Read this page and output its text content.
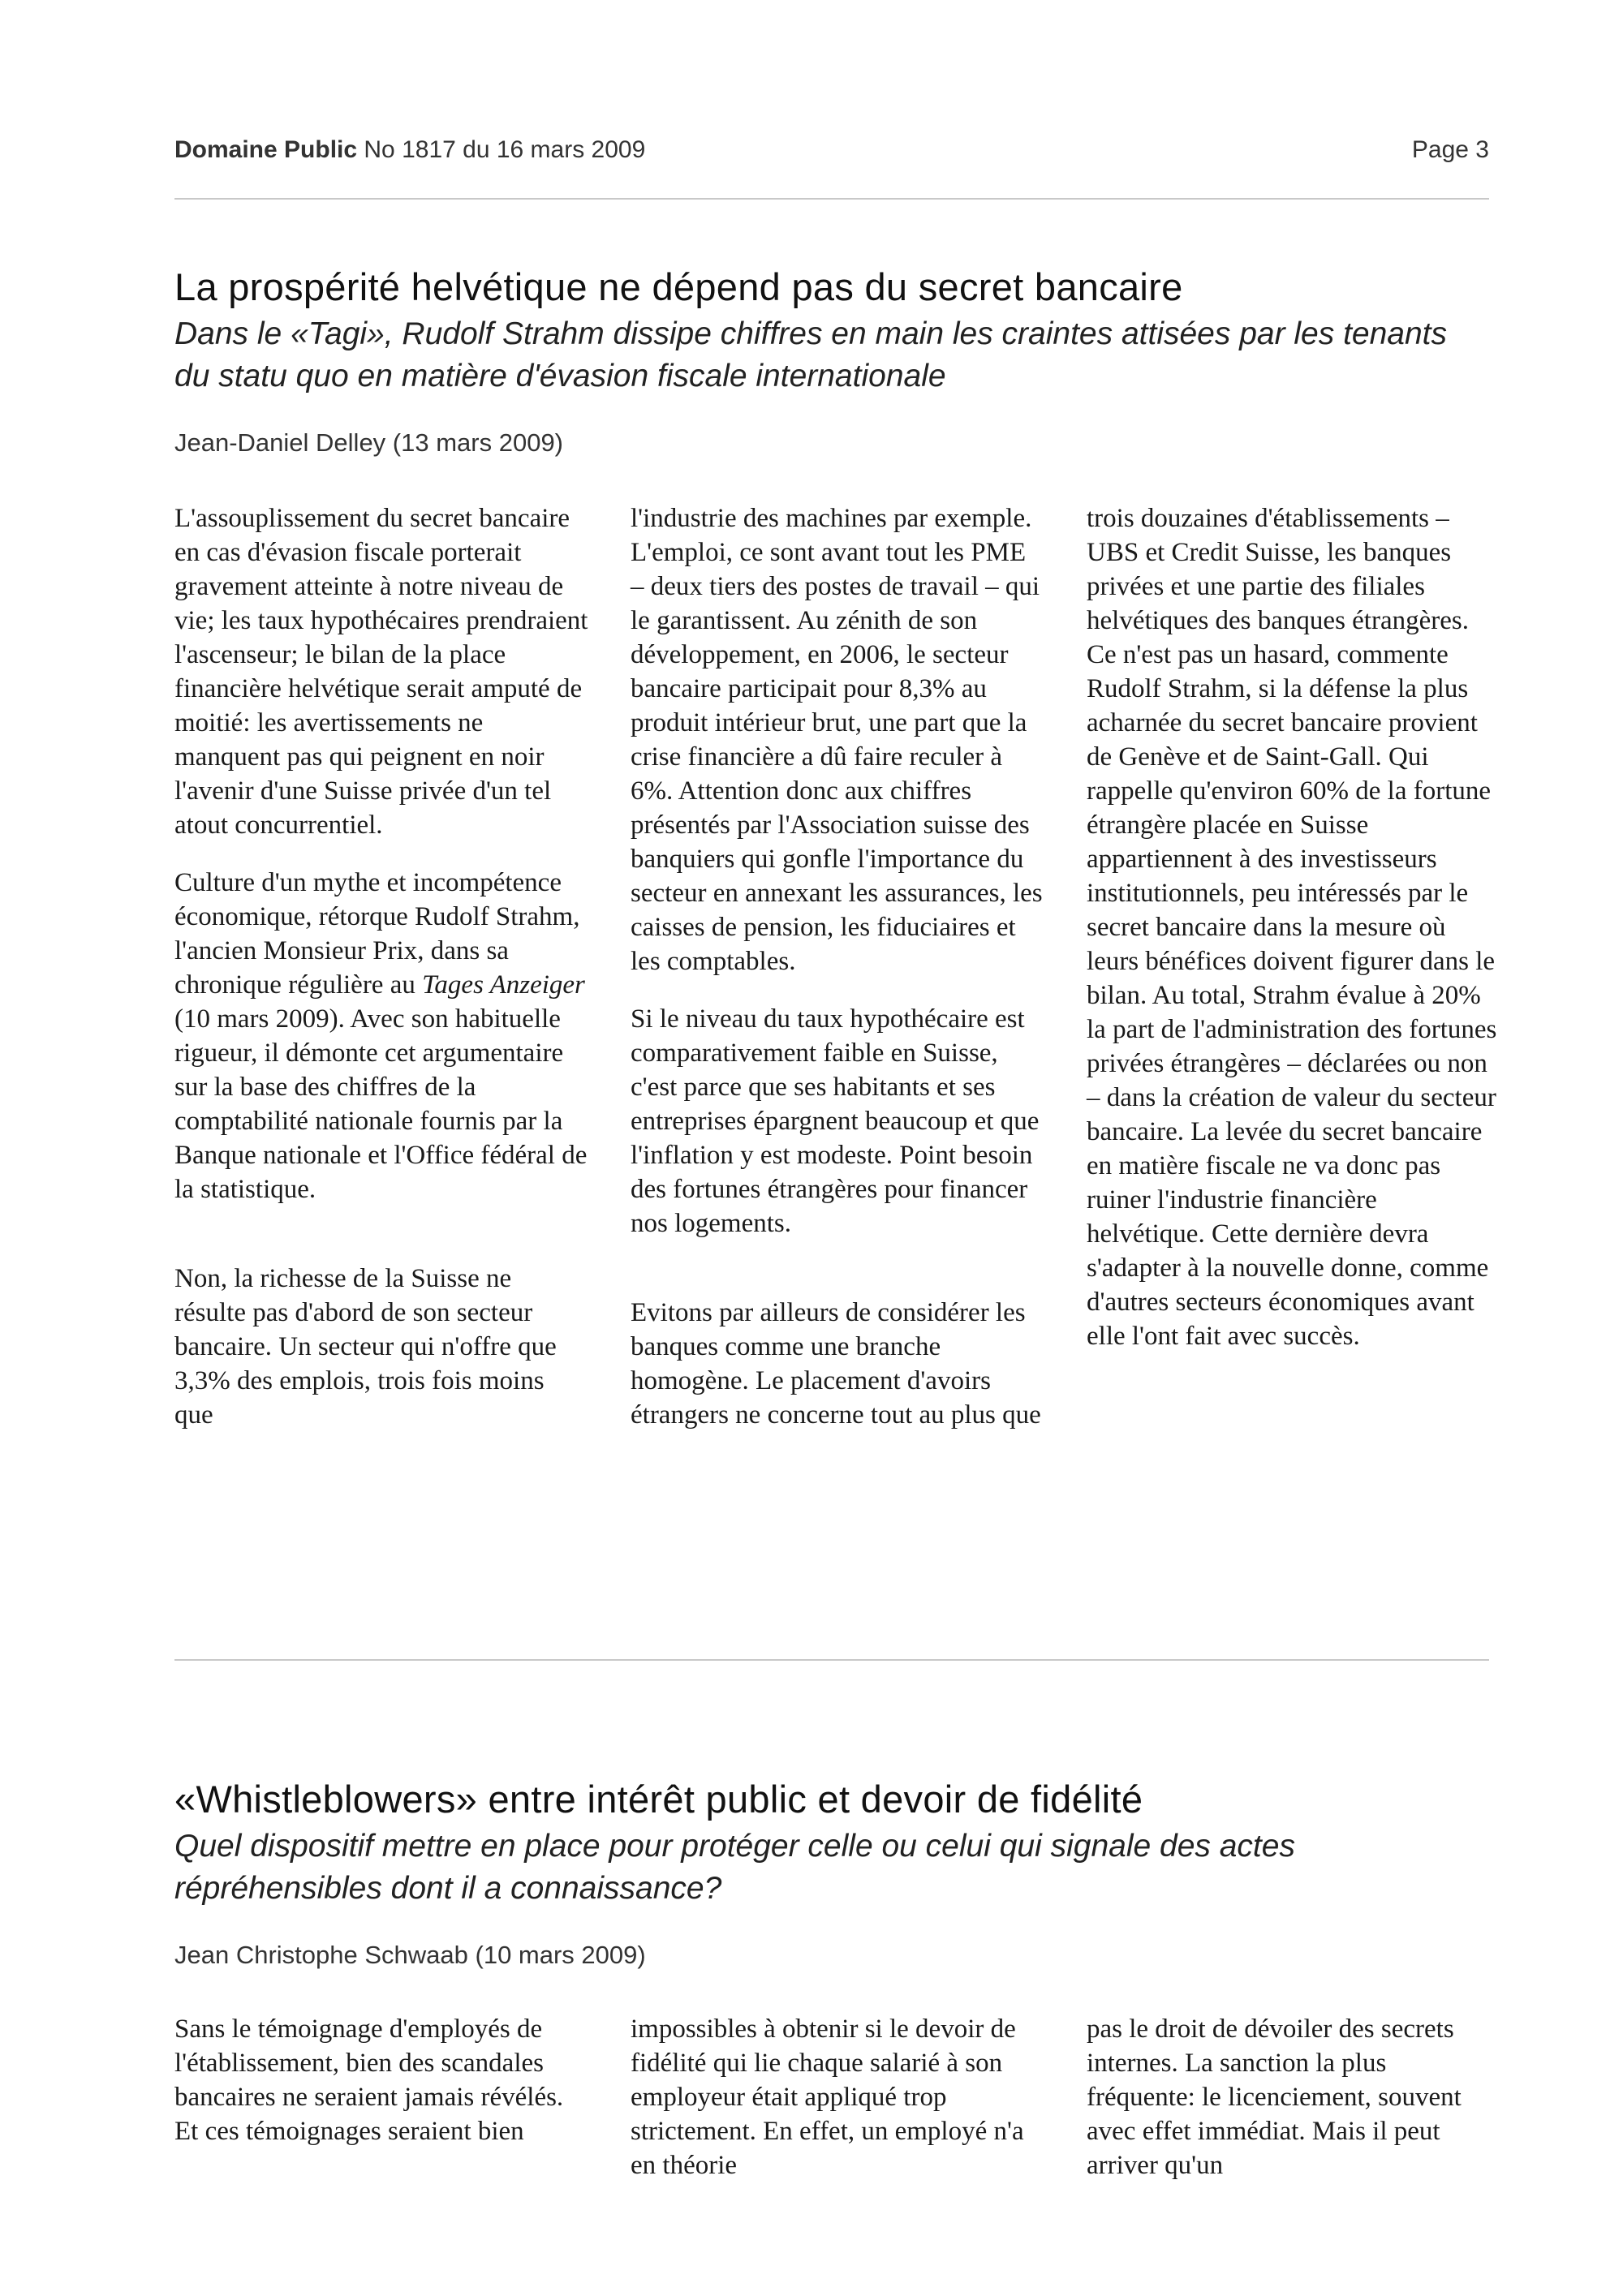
Domaine Public No 1817 du 16 mars 2009	Page 3
La prospérité helvétique ne dépend pas du secret bancaire
Dans le «Tagi», Rudolf Strahm dissipe chiffres en main les craintes attisées par les tenants du statu quo en matière d'évasion fiscale internationale
Jean-Daniel Delley (13 mars 2009)

L'assouplissement du secret bancaire en cas d'évasion fiscale porterait gravement atteinte à notre niveau de vie; les taux hypothécaires prendraient l'ascenseur; le bilan de la place financière helvétique serait amputé de moitié: les avertissements ne manquent pas qui peignent en noir l'avenir d'une Suisse privée d'un tel atout concurrentiel.

Culture d'un mythe et incompétence économique, rétorque Rudolf Strahm, l'ancien Monsieur Prix, dans sa chronique régulière au Tages Anzeiger (10 mars 2009). Avec son habituelle rigueur, il démonte cet argumentaire sur la base des chiffres de la comptabilité nationale fournis par la Banque nationale et l'Office fédéral de la statistique.

Non, la richesse de la Suisse ne résulte pas d'abord de son secteur bancaire. Un secteur qui n'offre que 3,3% des emplois, trois fois moins que

l'industrie des machines par exemple. L'emploi, ce sont avant tout les PME – deux tiers des postes de travail – qui le garantissent. Au zénith de son développement, en 2006, le secteur bancaire participait pour 8,3% au produit intérieur brut, une part que la crise financière a dû faire reculer à 6%. Attention donc aux chiffres présentés par l'Association suisse des banquiers qui gonfle l'importance du secteur en annexant les assurances, les caisses de pension, les fiduciaires et les comptables.

Si le niveau du taux hypothécaire est comparativement faible en Suisse, c'est parce que ses habitants et ses entreprises épargnent beaucoup et que l'inflation y est modeste. Point besoin des fortunes étrangères pour financer nos logements.

Evitons par ailleurs de considérer les banques comme une branche homogène. Le placement d'avoirs étrangers ne concerne tout au plus que

trois douzaines d'établissements – UBS et Credit Suisse, les banques privées et une partie des filiales helvétiques des banques étrangères. Ce n'est pas un hasard, commente Rudolf Strahm, si la défense la plus acharnée du secret bancaire provient de Genève et de Saint-Gall. Qui rappelle qu'environ 60% de la fortune étrangère placée en Suisse appartiennent à des investisseurs institutionnels, peu intéressés par le secret bancaire dans la mesure où leurs bénéfices doivent figurer dans le bilan. Au total, Strahm évalue à 20% la part de l'administration des fortunes privées étrangères – déclarées ou non – dans la création de valeur du secteur bancaire. La levée du secret bancaire en matière fiscale ne va donc pas ruiner l'industrie financière helvétique. Cette dernière devra s'adapter à la nouvelle donne, comme d'autres secteurs économiques avant elle l'ont fait avec succès.

«Whistleblowers» entre intérêt public et devoir de fidélité
Quel dispositif mettre en place pour protéger celle ou celui qui signale des actes répréhensibles dont il a connaissance?
Jean Christophe Schwaab (10 mars 2009)

Sans le témoignage d'employés de l'établissement, bien des scandales bancaires ne seraient jamais révélés. Et ces témoignages seraient bien

impossibles à obtenir si le devoir de fidélité qui lie chaque salarié à son employeur était appliqué trop strictement. En effet, un employé n'a en théorie

pas le droit de dévoiler des secrets internes. La sanction la plus fréquente: le licenciement, souvent avec effet immédiat. Mais il peut arriver qu'un
